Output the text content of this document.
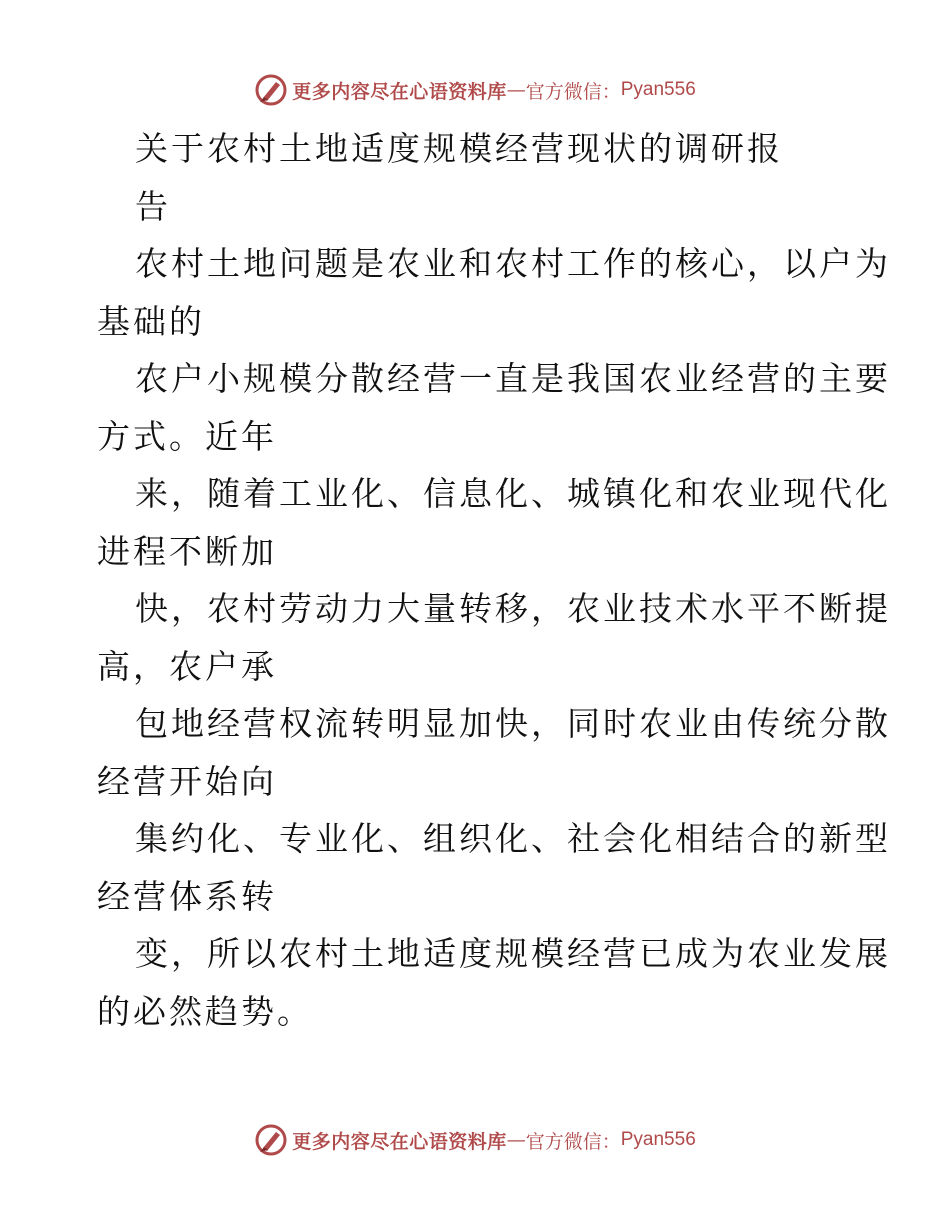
更多内容尽在心语资料库 — 官方微信： Pyan556
关于农村土地适度规模经营现状的调研报
告
农村土地问题是农业和农村工作的核心，以户为
基础的
农户小规模分散经营一直是我国农业经营的主要
方式。近年
来，随着工业化、信息化、城镇化和农业现代化
进程不断加
快，农村劳动力大量转移，农业技术水平不断提
高，农户承
包地经营权流转明显加快，同时农业由传统分散
经营开始向
集约化、专业化、组织化、社会化相结合的新型
经营体系转
变，所以农村土地适度规模经营已成为农业发展
的必然趋势。
更多内容尽在心语资料库 — 官方微信： Pyan556
